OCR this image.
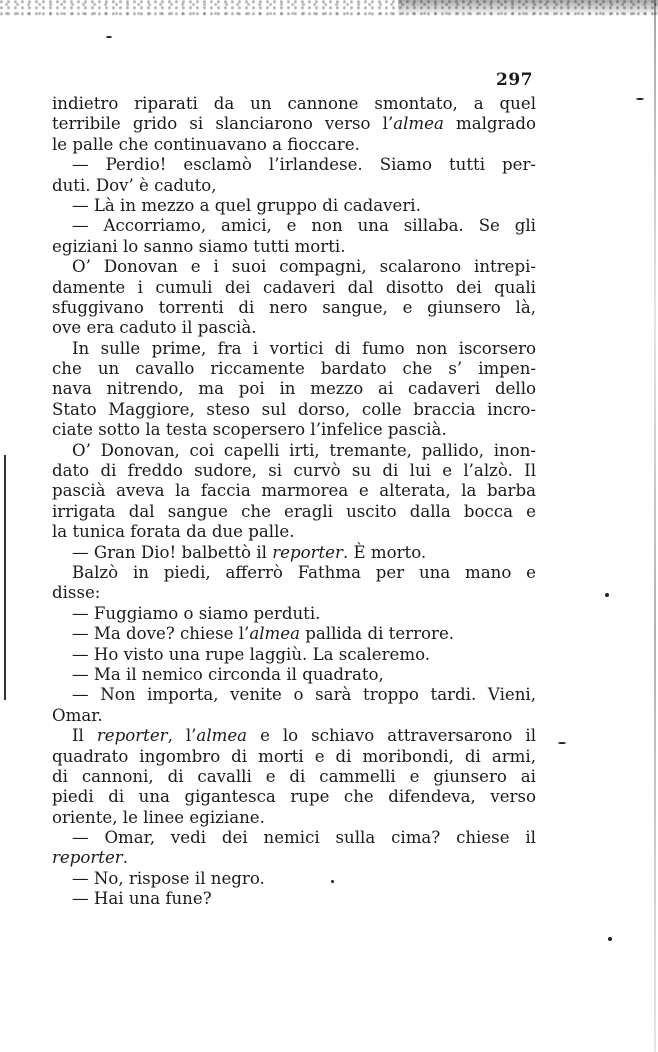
297
indietro riparati da un cannone smontato, a quel
terribile grido si slanciarono verso l’almea malgrado
le palle che continuavano a fioccare.
— Perdio! esclamò l’irlandese. Siamo tutti per-
duti. Dov’ è caduto,
— Là in mezzo a quel gruppo di cadaveri.
— Accorriamo, amici, e non una sillaba. Se gli
egiziani lo sanno siamo tutti morti.
O’ Donovan e i suoi compagni, scalarono intrepi-
damente i cumuli dei cadaveri dal disotto dei quali
sfuggivano torrenti di nero sangue, e giunsero là,
ove era caduto il pascià.
In sulle prime, fra i vortici di fumo non iscorsero
che un cavallo riccamente bardato che s’ impen-
nava nitrendo, ma poi in mezzo ai cadaveri dello
Stato Maggiore, steso sul dorso, colle braccia incro-
ciate sotto la testa scopersero l’infelice pascià.
O’ Donovan, coi capelli irti, tremante, pallido, inon-
dato di freddo sudore, si curvò su di lui e l’alzò. Il
pascià aveva la faccia marmorea e alterata, la barba
irrigata dal sangue che eragli uscito dalla bocca e
la tunica forata da due palle.
— Gran Dio! balbettò il reporter. È morto.
Balzò in piedi, afferrò Fathma per una mano e
disse:
— Fuggiamo o siamo perduti.
— Ma dove? chiese l’almea pallida di terrore.
— Ho visto una rupe laggiù. La scaleremo.
— Ma il nemico circonda il quadrato,
— Non importa, venite o sarà troppo tardi. Vieni,
Omar.
Il reporter, l’almea e lo schiavo attraversarono il
quadrato ingombro di morti e di moribondi, di armi,
di cannoni, di cavalli e di cammelli e giunsero ai
piedi di una gigantesca rupe che difendeva, verso
oriente, le linee egiziane.
— Omar, vedi dei nemici sulla cima? chiese il
reporter.
— No, rispose il negro.
— Hai una fune?
